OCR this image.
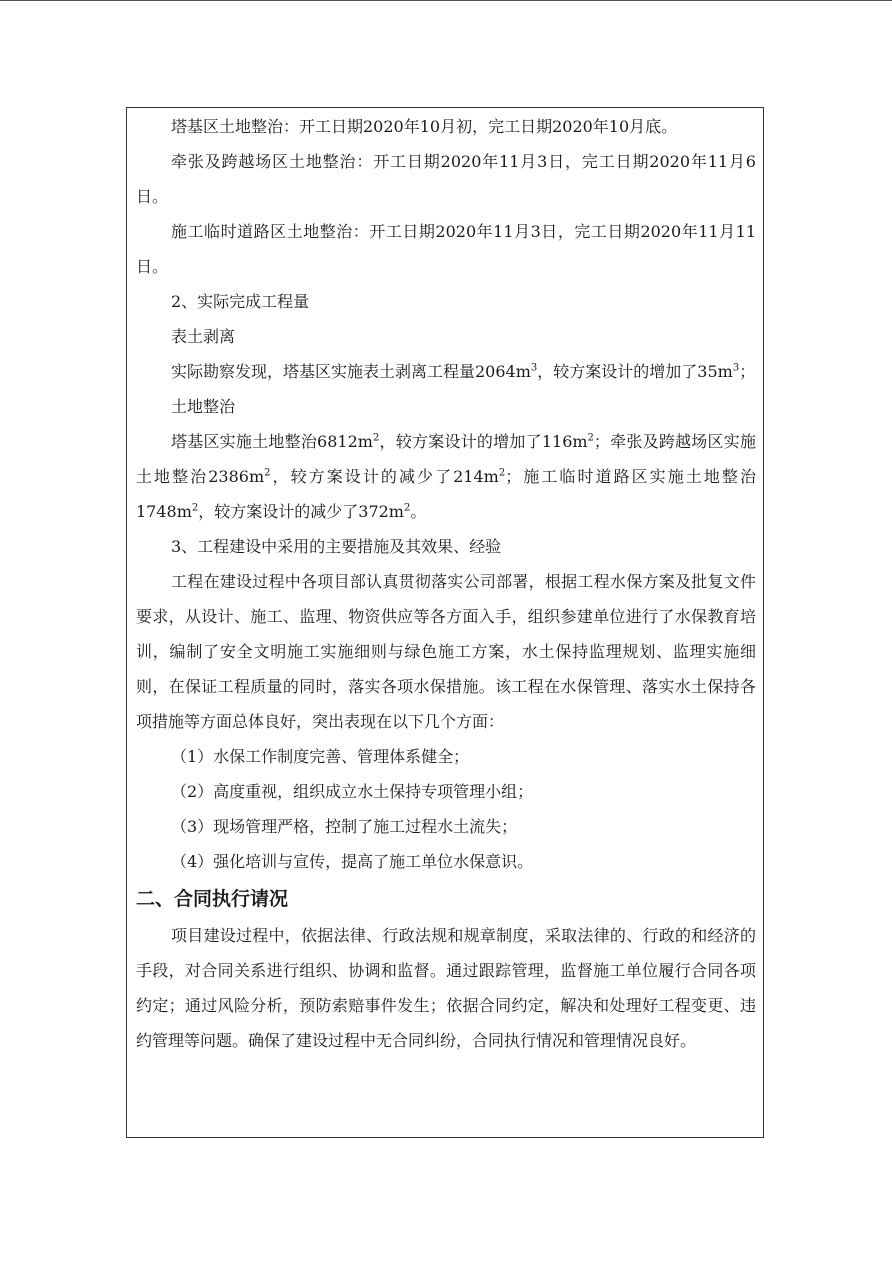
塔基区土地整治：开工日期2020年10月初，完工日期2020年10月底。

牵张及跨越场区土地整治：开工日期2020年11月3日，完工日期2020年11月6日。

施工临时道路区土地整治：开工日期2020年11月3日，完工日期2020年11月11日。

2、实际完成工程量

表土剥离

实际勘察发现，塔基区实施表土剥离工程量$2064m^3$，较方案设计的增加了$35m^3$；

土地整治

塔基区实施土地整治$6812m^2$，较方案设计的增加了$116m^2$；牵张及跨越场区实施土地整治$2386m^2$，较方案设计的减少了$214m^2$；施工临时道路区实施土地整治$1748m^2$，较方案设计的减少了$372m^2$。

3、工程建设中采用的主要措施及其效果、经验

工程在建设过程中各项目部认真贯彻落实公司部署，根据工程水保方案及批复文件要求，从设计、施工、监理、物资供应等各方面入手，组织参建单位进行了水保教育培训，编制了安全文明施工实施细则与绿色施工方案，水土保持监理规划、监理实施细则，在保证工程质量的同时，落实各项水保措施。该工程在水保管理、落实水土保持各项措施等方面总体良好，突出表现在以下几个方面：

（1）水保工作制度完善、管理体系健全；

（2）高度重视，组织成立水土保持专项管理小组；

（3）现场管理严格，控制了施工过程水土流失；

（4）强化培训与宣传，提高了施工单位水保意识。

二、合同执行请况

项目建设过程中，依据法律、行政法规和规章制度，采取法律的、行政的和经济的手段，对合同关系进行组织、协调和监督。通过跟踪管理，监督施工单位履行合同各项约定；通过风险分析，预防索赔事件发生；依据合同约定，解决和处理好工程变更、违约管理等问题。确保了建设过程中无合同纠纷，合同执行情况和管理情况良好。
